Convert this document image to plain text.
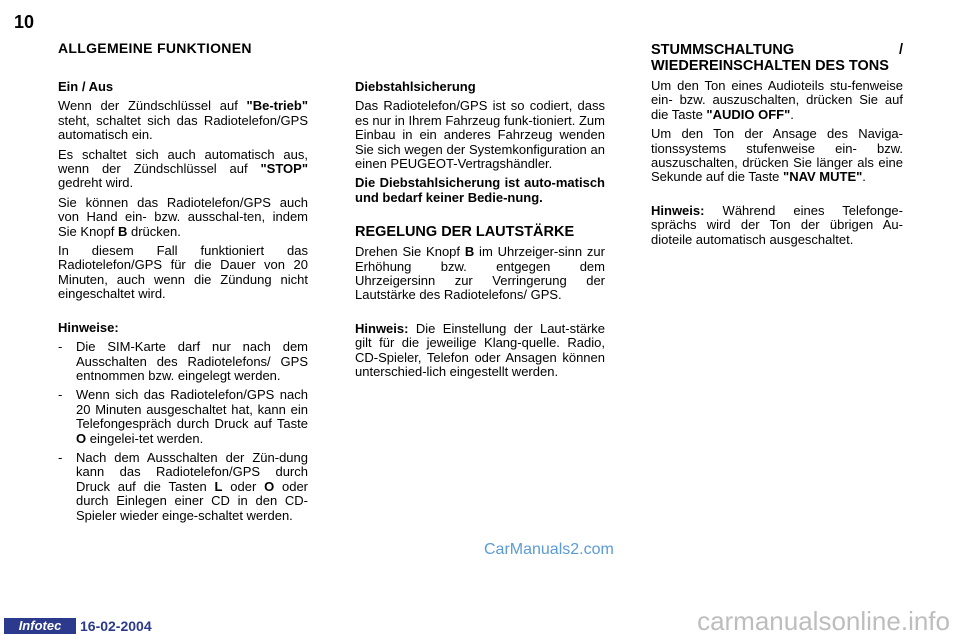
10
ALLGEMEINE FUNKTIONEN

Ein / Aus

Wenn der Zündschlüssel auf "Be-trieb" steht, schaltet sich das Radiotelefon/GPS automatisch ein.

Es schaltet sich auch automatisch aus, wenn der Zündschlüssel auf "STOP" gedreht wird.

Sie können das Radiotelefon/GPS auch von Hand ein- bzw. ausschal-ten, indem Sie Knopf B drücken.

In diesem Fall funktioniert das Radiotelefon/GPS für die Dauer von 20 Minuten, auch wenn die Zündung nicht eingeschaltet wird.

Hinweise:

- Die SIM-Karte darf nur nach dem Ausschalten des Radiotelefons/ GPS entnommen bzw. eingelegt werden.
- Wenn sich das Radiotelefon/GPS nach 20 Minuten ausgeschaltet hat, kann ein Telefongespräch durch Druck auf Taste O eingelei-tet werden.
- Nach dem Ausschalten der Zün-dung kann das Radiotelefon/GPS durch Druck auf die Tasten L oder O oder durch Einlegen einer CD in den CD-Spieler wieder einge-schaltet werden.

Diebstahlsicherung

Das Radiotelefon/GPS ist so codiert, dass es nur in Ihrem Fahrzeug funk-tioniert. Zum Einbau in ein anderes Fahrzeug wenden Sie sich wegen der Systemkonfiguration an einen PEUGEOT-Vertragshändler.

Die Diebstahlsicherung ist auto-matisch und bedarf keiner Bedie-nung.

REGELUNG DER LAUTSTÄRKE

Drehen Sie Knopf B im Uhrzeiger-sinn zur Erhöhung bzw. entgegen dem Uhrzeigersinn zur Verringerung der Lautstärke des Radiotelefons/ GPS.

Hinweis: Die Einstellung der Laut-stärke gilt für die jeweilige Klang-quelle. Radio, CD-Spieler, Telefon oder Ansagen können unterschied-lich eingestellt werden.

STUMMSCHALTUNG / WIEDEREINSCHALTEN DES TONS

Um den Ton eines Audioteils stu-fenweise ein- bzw. auszuschalten, drücken Sie auf die Taste "AUDIO OFF".

Um den Ton der Ansage des Naviga-tionssystems stufenweise ein- bzw. auszuschalten, drücken Sie länger als eine Sekunde auf die Taste "NAV MUTE".

Hinweis: Während eines Telefonge-sprächs wird der Ton der übrigen Au-dioteile automatisch ausgeschaltet.

CarManuals2.com
Infotec	16-02-2004	carmanualsonline.info
